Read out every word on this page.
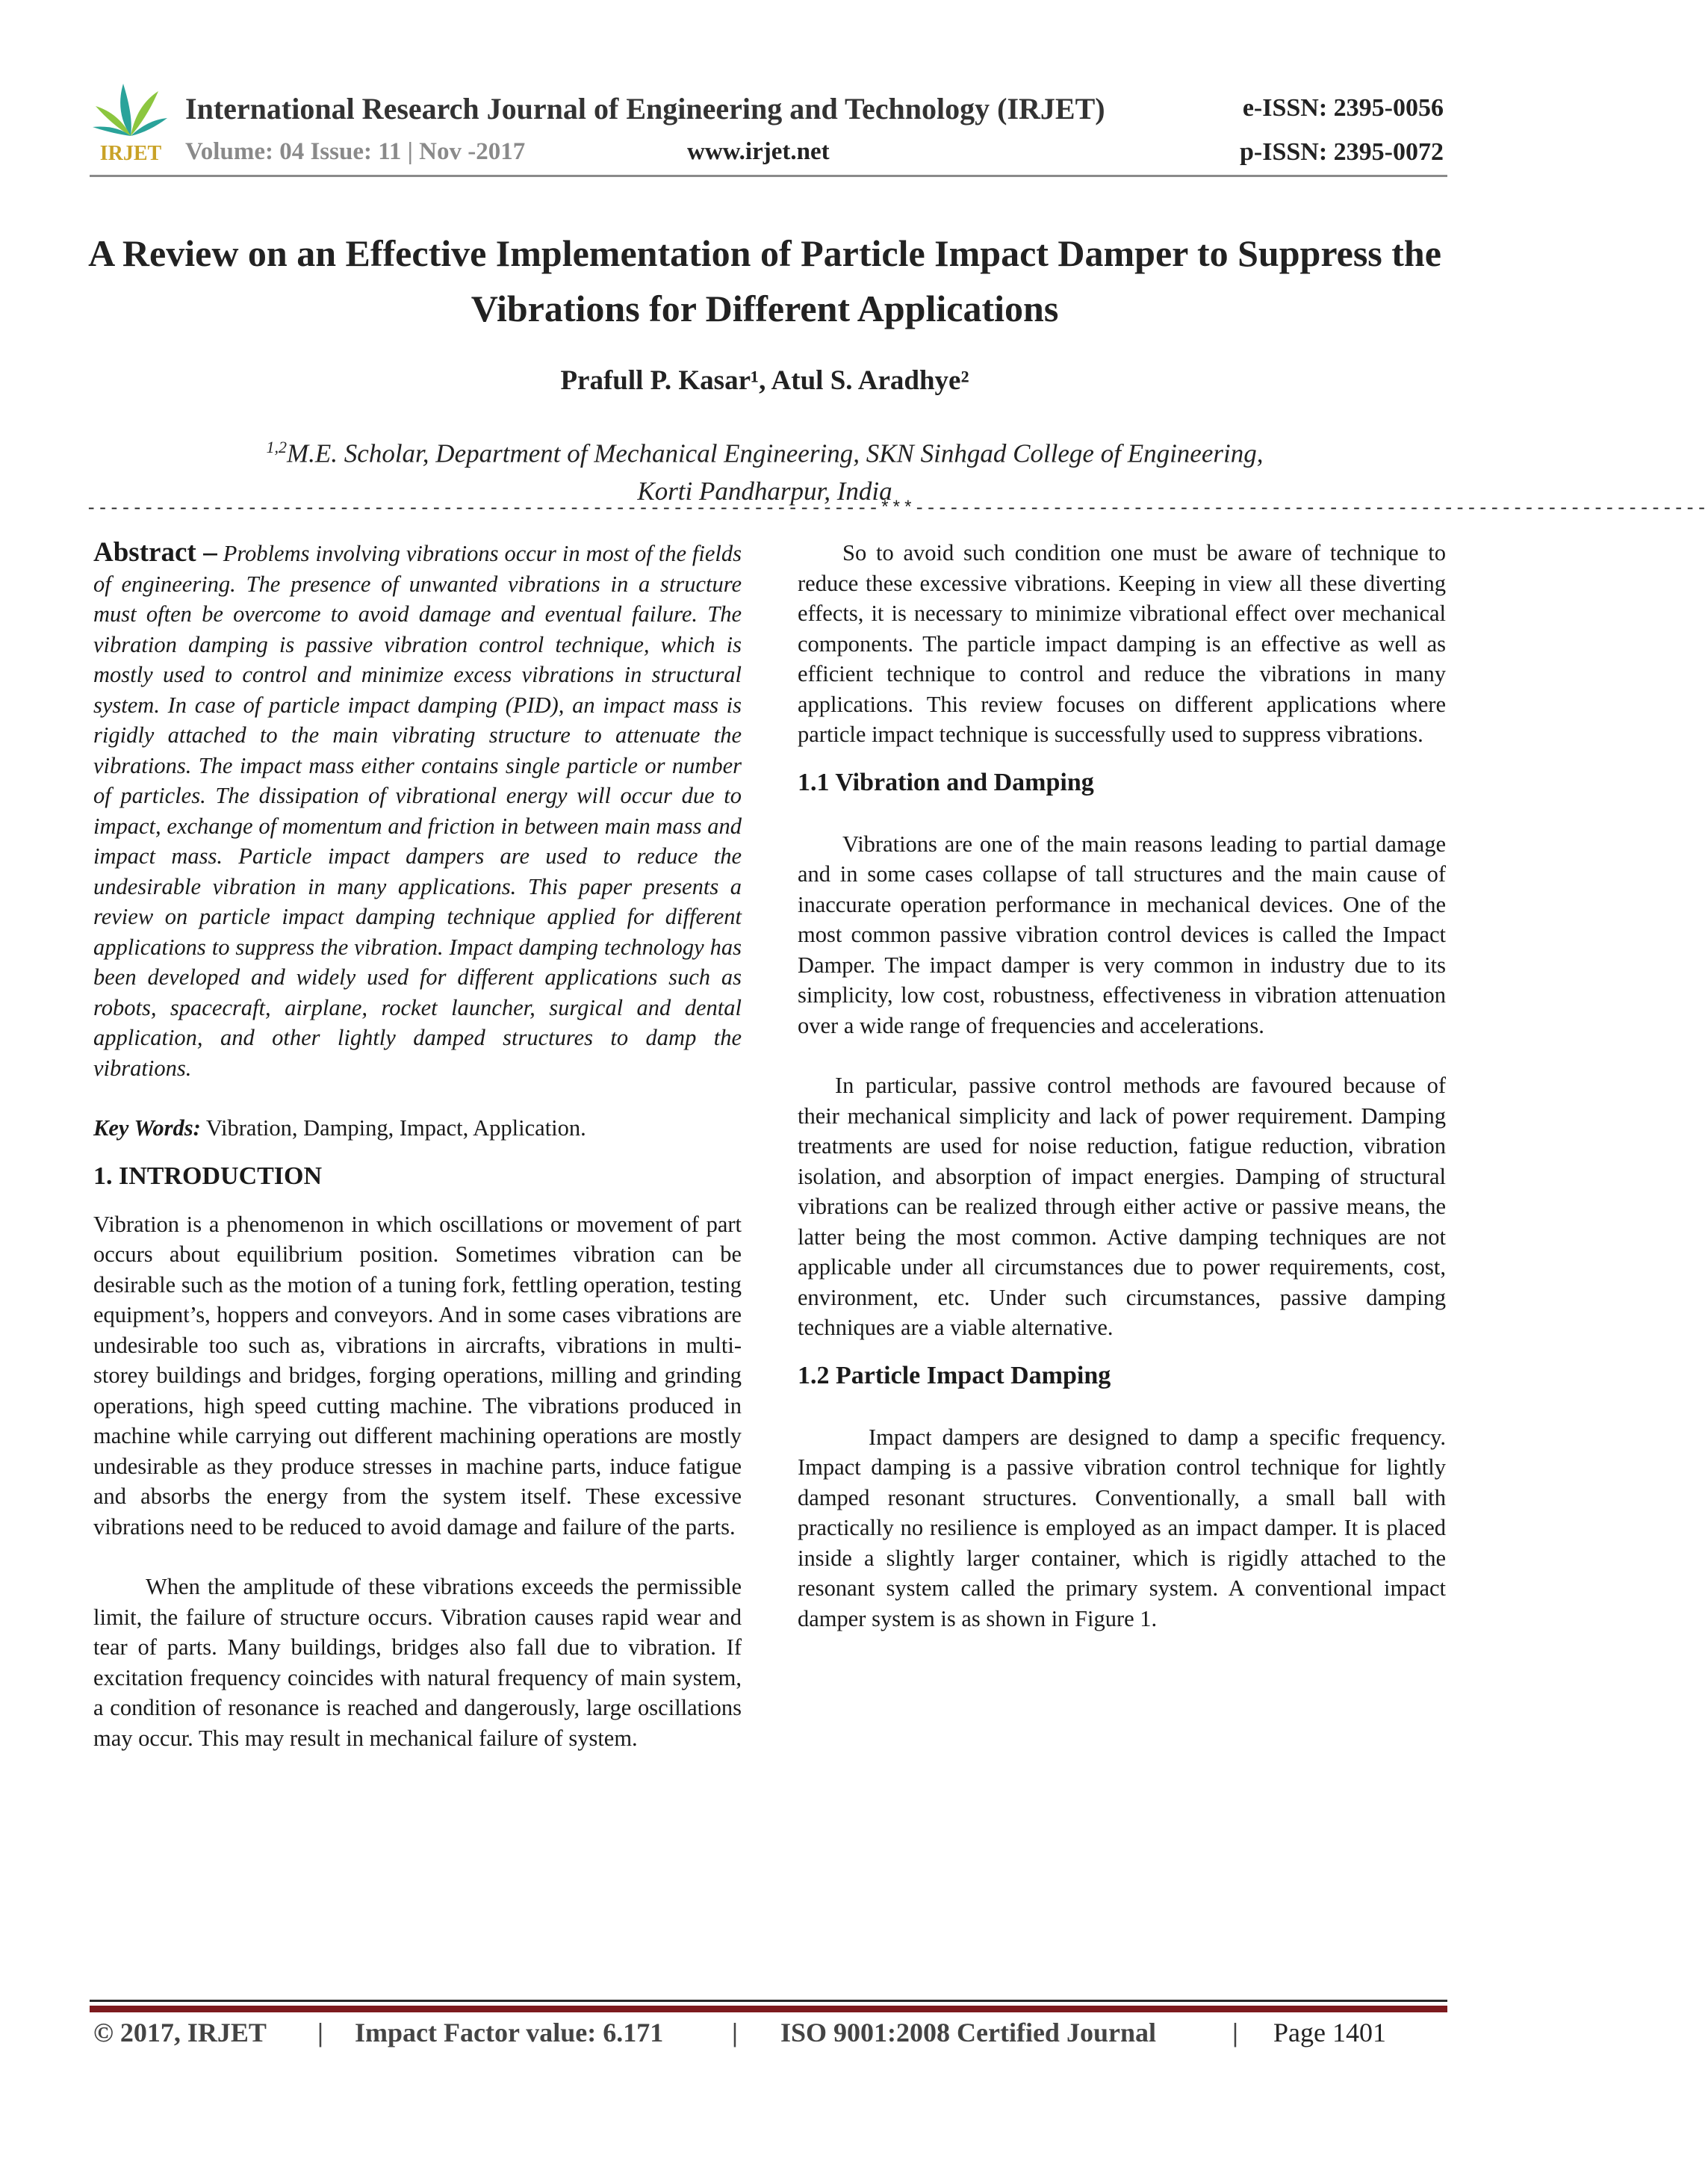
IRJET
International Research Journal of Engineering and Technology (IRJET)	e-ISSN: 2395-0056
Volume: 04 Issue: 11 | Nov -2017	www.irjet.net	p-ISSN: 2395-0072
A Review on an Effective Implementation of Particle Impact Damper to Suppress the Vibrations for Different Applications
Prafull P. Kasar¹, Atul S. Aradhye²
$^{1,2}$M.E. Scholar, Department of Mechanical Engineering, SKN Sinhgad College of Engineering,
Korti Pandharpur, India
---------------------------------------------------------------------***---------------------------------------------------------------------

Abstract – Problems involving vibrations occur in most of the fields of engineering. The presence of unwanted vibrations in a structure must often be overcome to avoid damage and eventual failure. The vibration damping is passive vibration control technique, which is mostly used to control and minimize excess vibrations in structural system. In case of particle impact damping (PID), an impact mass is rigidly attached to the main vibrating structure to attenuate the vibrations. The impact mass either contains single particle or number of particles. The dissipation of vibrational energy will occur due to impact, exchange of momentum and friction in between main mass and impact mass. Particle impact dampers are used to reduce the undesirable vibration in many applications. This paper presents a review on particle impact damping technique applied for different applications to suppress the vibration. Impact damping technology has been developed and widely used for different applications such as robots, spacecraft, airplane, rocket launcher, surgical and dental application, and other lightly damped structures to damp the vibrations.

Key Words: Vibration, Damping, Impact, Application.

1. INTRODUCTION

Vibration is a phenomenon in which oscillations or movement of part occurs about equilibrium position. Sometimes vibration can be desirable such as the motion of a tuning fork, fettling operation, testing equipment’s, hoppers and conveyors. And in some cases vibrations are undesirable too such as, vibrations in aircrafts, vibrations in multi- storey buildings and bridges, forging operations, milling and grinding operations, high speed cutting machine. The vibrations produced in machine while carrying out different machining operations are mostly undesirable as they produce stresses in machine parts, induce fatigue and absorbs the energy from the system itself. These excessive vibrations need to be reduced to avoid damage and failure of the parts.

When the amplitude of these vibrations exceeds the permissible limit, the failure of structure occurs. Vibration causes rapid wear and tear of parts. Many buildings, bridges also fall due to vibration. If excitation frequency coincides with natural frequency of main system, a condition of resonance is reached and dangerously, large oscillations may occur. This may result in mechanical failure of system.

So to avoid such condition one must be aware of technique to reduce these excessive vibrations. Keeping in view all these diverting effects, it is necessary to minimize vibrational effect over mechanical components. The particle impact damping is an effective as well as efficient technique to control and reduce the vibrations in many applications. This review focuses on different applications where particle impact technique is successfully used to suppress vibrations.

1.1 Vibration and Damping

Vibrations are one of the main reasons leading to partial damage and in some cases collapse of tall structures and the main cause of inaccurate operation performance in mechanical devices. One of the most common passive vibration control devices is called the Impact Damper. The impact damper is very common in industry due to its simplicity, low cost, robustness, effectiveness in vibration attenuation over a wide range of frequencies and accelerations.

In particular, passive control methods are favoured because of their mechanical simplicity and lack of power requirement. Damping treatments are used for noise reduction, fatigue reduction, vibration isolation, and absorption of impact energies. Damping of structural vibrations can be realized through either active or passive means, the latter being the most common. Active damping techniques are not applicable under all circumstances due to power requirements, cost, environment, etc. Under such circumstances, passive damping techniques are a viable alternative.

1.2 Particle Impact Damping

Impact dampers are designed to damp a specific frequency. Impact damping is a passive vibration control technique for lightly damped resonant structures. Conventionally, a small ball with practically no resilience is employed as an impact damper. It is placed inside a slightly larger container, which is rigidly attached to the resonant system called the primary system. A conventional impact damper system is as shown in Figure 1.

© 2017, IRJET | Impact Factor value: 6.171	| ISO 9001:2008 Certified Journal	| Page 1401
